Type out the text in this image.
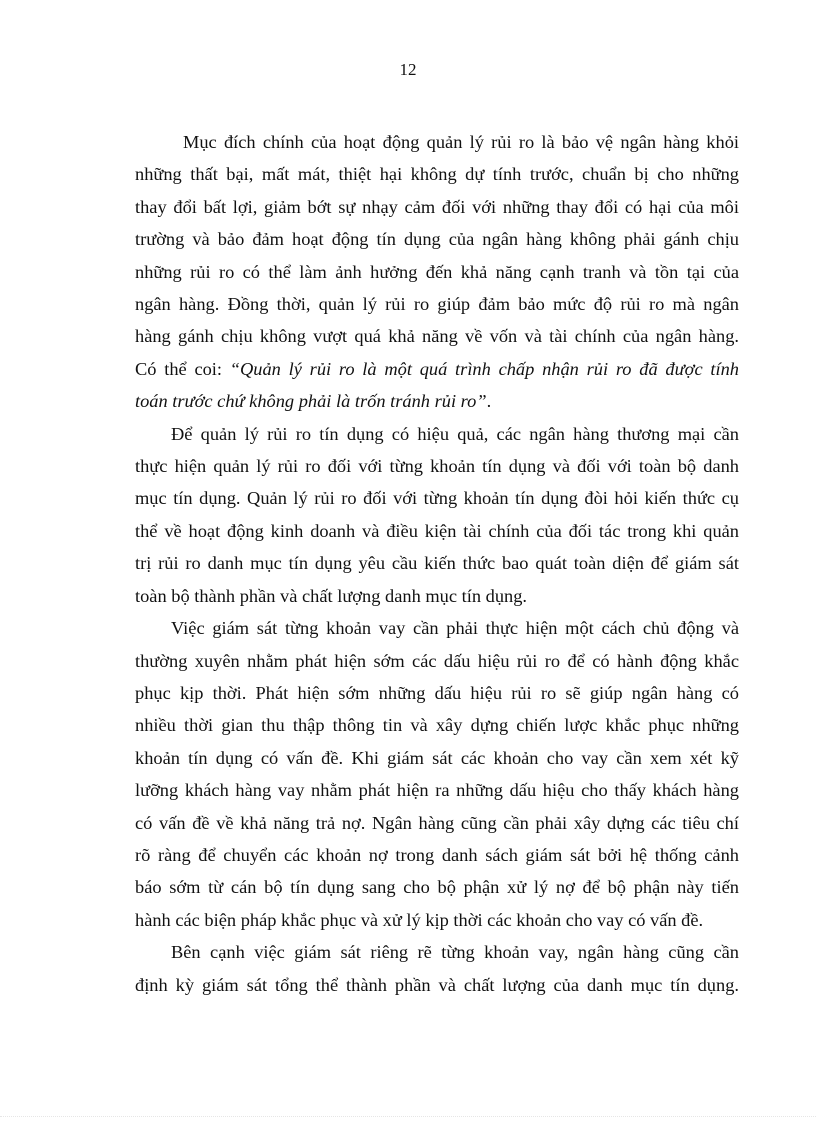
12

Mục đích chính của hoạt động quản lý rủi ro là bảo vệ ngân hàng khỏi
những thất bại, mất mát, thiệt hại không dự tính trước, chuẩn bị cho những
thay đổi bất lợi, giảm bớt sự nhạy cảm đối với những thay đổi có hại của môi
trường và bảo đảm hoạt động tín dụng của ngân hàng không phải gánh chịu
những rủi ro có thể làm ảnh hưởng đến khả năng cạnh tranh và tồn tại của
ngân hàng. Đồng thời, quản lý rủi ro giúp đảm bảo mức độ rủi ro mà ngân
hàng gánh chịu không vượt quá khả năng về vốn và tài chính của ngân hàng.
Có thể coi: “Quản lý rủi ro là một quá trình chấp nhận rủi ro đã được tính
toán trước chứ không phải là trốn tránh rủi ro”.

Để quản lý rủi ro tín dụng có hiệu quả, các ngân hàng thương mại cần
thực hiện quản lý rủi ro đối với từng khoản tín dụng và đối với toàn bộ danh
mục tín dụng. Quản lý rủi ro đối với từng khoản tín dụng đòi hỏi kiến thức cụ
thể về hoạt động kinh doanh và điều kiện tài chính của đối tác trong khi quản
trị rủi ro danh mục tín dụng yêu cầu kiến thức bao quát toàn diện để giám sát
toàn bộ thành phần và chất lượng danh mục tín dụng.

Việc giám sát từng khoản vay cần phải thực hiện một cách chủ động và
thường xuyên nhằm phát hiện sớm các dấu hiệu rủi ro để có hành động khắc
phục kịp thời. Phát hiện sớm những dấu hiệu rủi ro sẽ giúp ngân hàng có
nhiều thời gian thu thập thông tin và xây dựng chiến lược khắc phục những
khoản tín dụng có vấn đề. Khi giám sát các khoản cho vay cần xem xét kỹ
lưỡng khách hàng vay nhằm phát hiện ra những dấu hiệu cho thấy khách hàng
có vấn đề về khả năng trả nợ. Ngân hàng cũng cần phải xây dựng các tiêu chí
rõ ràng để chuyển các khoản nợ trong danh sách giám sát bởi hệ thống cảnh
báo sớm từ cán bộ tín dụng sang cho bộ phận xử lý nợ để bộ phận này tiến
hành các biện pháp khắc phục và xử lý kịp thời các khoản cho vay có vấn đề.

Bên cạnh việc giám sát riêng rẽ từng khoản vay, ngân hàng cũng cần
định kỳ giám sát tổng thể thành phần và chất lượng của danh mục tín dụng.
